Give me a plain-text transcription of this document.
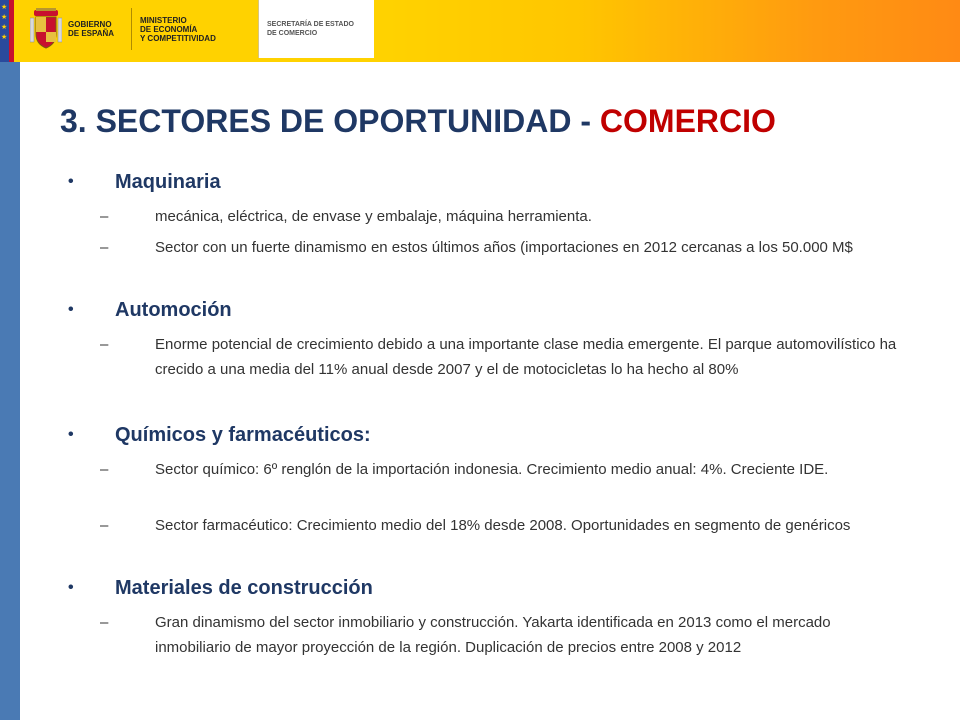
★
★
★
★
GOBIERNO
DE ESPAÑA
MINISTERIO
DE ECONOMÍA
Y COMPETITIVIDAD
SECRETARÍA DE ESTADO
DE COMERCIO
3. SECTORES DE OPORTUNIDAD - COMERCIO
• Maquinaria
–	mecánica, eléctrica, de envase y embalaje, máquina herramienta.
–	Sector con un fuerte dinamismo en estos últimos años (importaciones en 2012 cercanas a los 50.000 M$
• Automoción
–	Enorme potencial de crecimiento debido a una importante clase media emergente. El parque automovilístico ha crecido a una media del 11% anual desde 2007 y el de motocicletas lo ha hecho al 80%
• Químicos y farmacéuticos:
–	Sector químico: 6º renglón de la importación indonesia. Crecimiento medio anual: 4%. Creciente IDE.
–	Sector farmacéutico: Crecimiento medio del 18% desde 2008. Oportunidades en segmento de genéricos
• Materiales de construcción
–	Gran dinamismo del sector inmobiliario y construcción. Yakarta identificada en 2013 como el mercado inmobiliario de mayor proyección de la región. Duplicación de precios entre 2008 y 2012
